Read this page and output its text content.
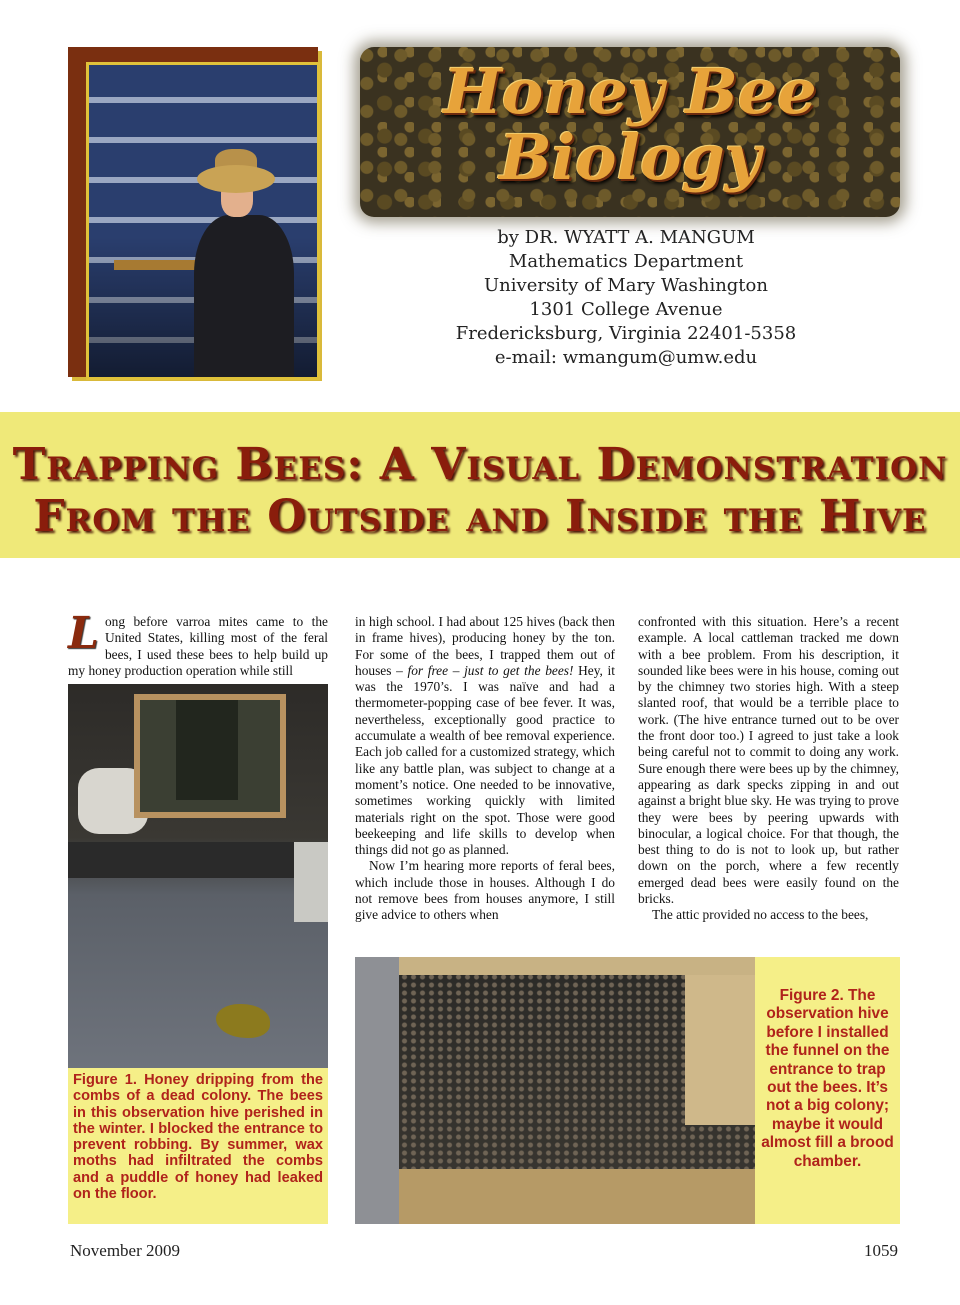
Honey Bee
Biology
by DR. WYATT A. MANGUM
Mathematics Department
University of Mary Washington
1301 College Avenue
Fredericksburg, Virginia 22401-5358
e-mail: wmangum@umw.edu
Trapping Bees: A Visual Demonstration
From the Outside and Inside the Hive
L ong before varroa mites came to the United States, killing most of the feral bees, I used these bees to help build up my honey production operation while still

Figure 1. Honey dripping from the combs of a dead colony. The bees in this observation hive perished in the winter. I blocked the entrance to prevent robbing. By summer, wax moths had infiltrated the combs and a puddle of honey had leaked on the floor.

in high school. I had about 125 hives (back then in frame hives), producing honey by the ton. For some of the bees, I trapped them out of houses – for free – just to get the bees! Hey, it was the 1970’s. I was naïve and had a thermometer-popping case of bee fever. It was, nevertheless, exceptionally good practice to accumulate a wealth of bee removal experience. Each job called for a customized strategy, which like any battle plan, was subject to change at a moment’s notice. One needed to be innovative, sometimes working quickly with limited materials right on the spot. Those were good beekeeping and life skills to develop when things did not go as planned.

Now I’m hearing more reports of feral bees, which include those in houses. Although I do not remove bees from houses anymore, I still give advice to others when

confronted with this situation. Here’s a recent example. A local cattleman tracked me down with a bee problem. From his description, it sounded like bees were in his house, coming out by the chimney two stories high. With a steep slanted roof, that would be a terrible place to work. (The hive entrance turned out to be over the front door too.) I agreed to just take a look being careful not to commit to doing any work. Sure enough there were bees up by the chimney, appearing as dark specks zipping in and out against a bright blue sky. He was trying to prove they were bees by peering upwards with binocular, a logical choice. For that though, the best thing to do is not to look up, but rather down on the porch, where a few recently emerged dead bees were easily found on the bricks.

The attic provided no access to the bees,

Figure 2. The observation hive before I installed the funnel on the entrance to trap out the bees. It’s not a big colony; maybe it would almost fill a brood chamber.
November 2009	1059
